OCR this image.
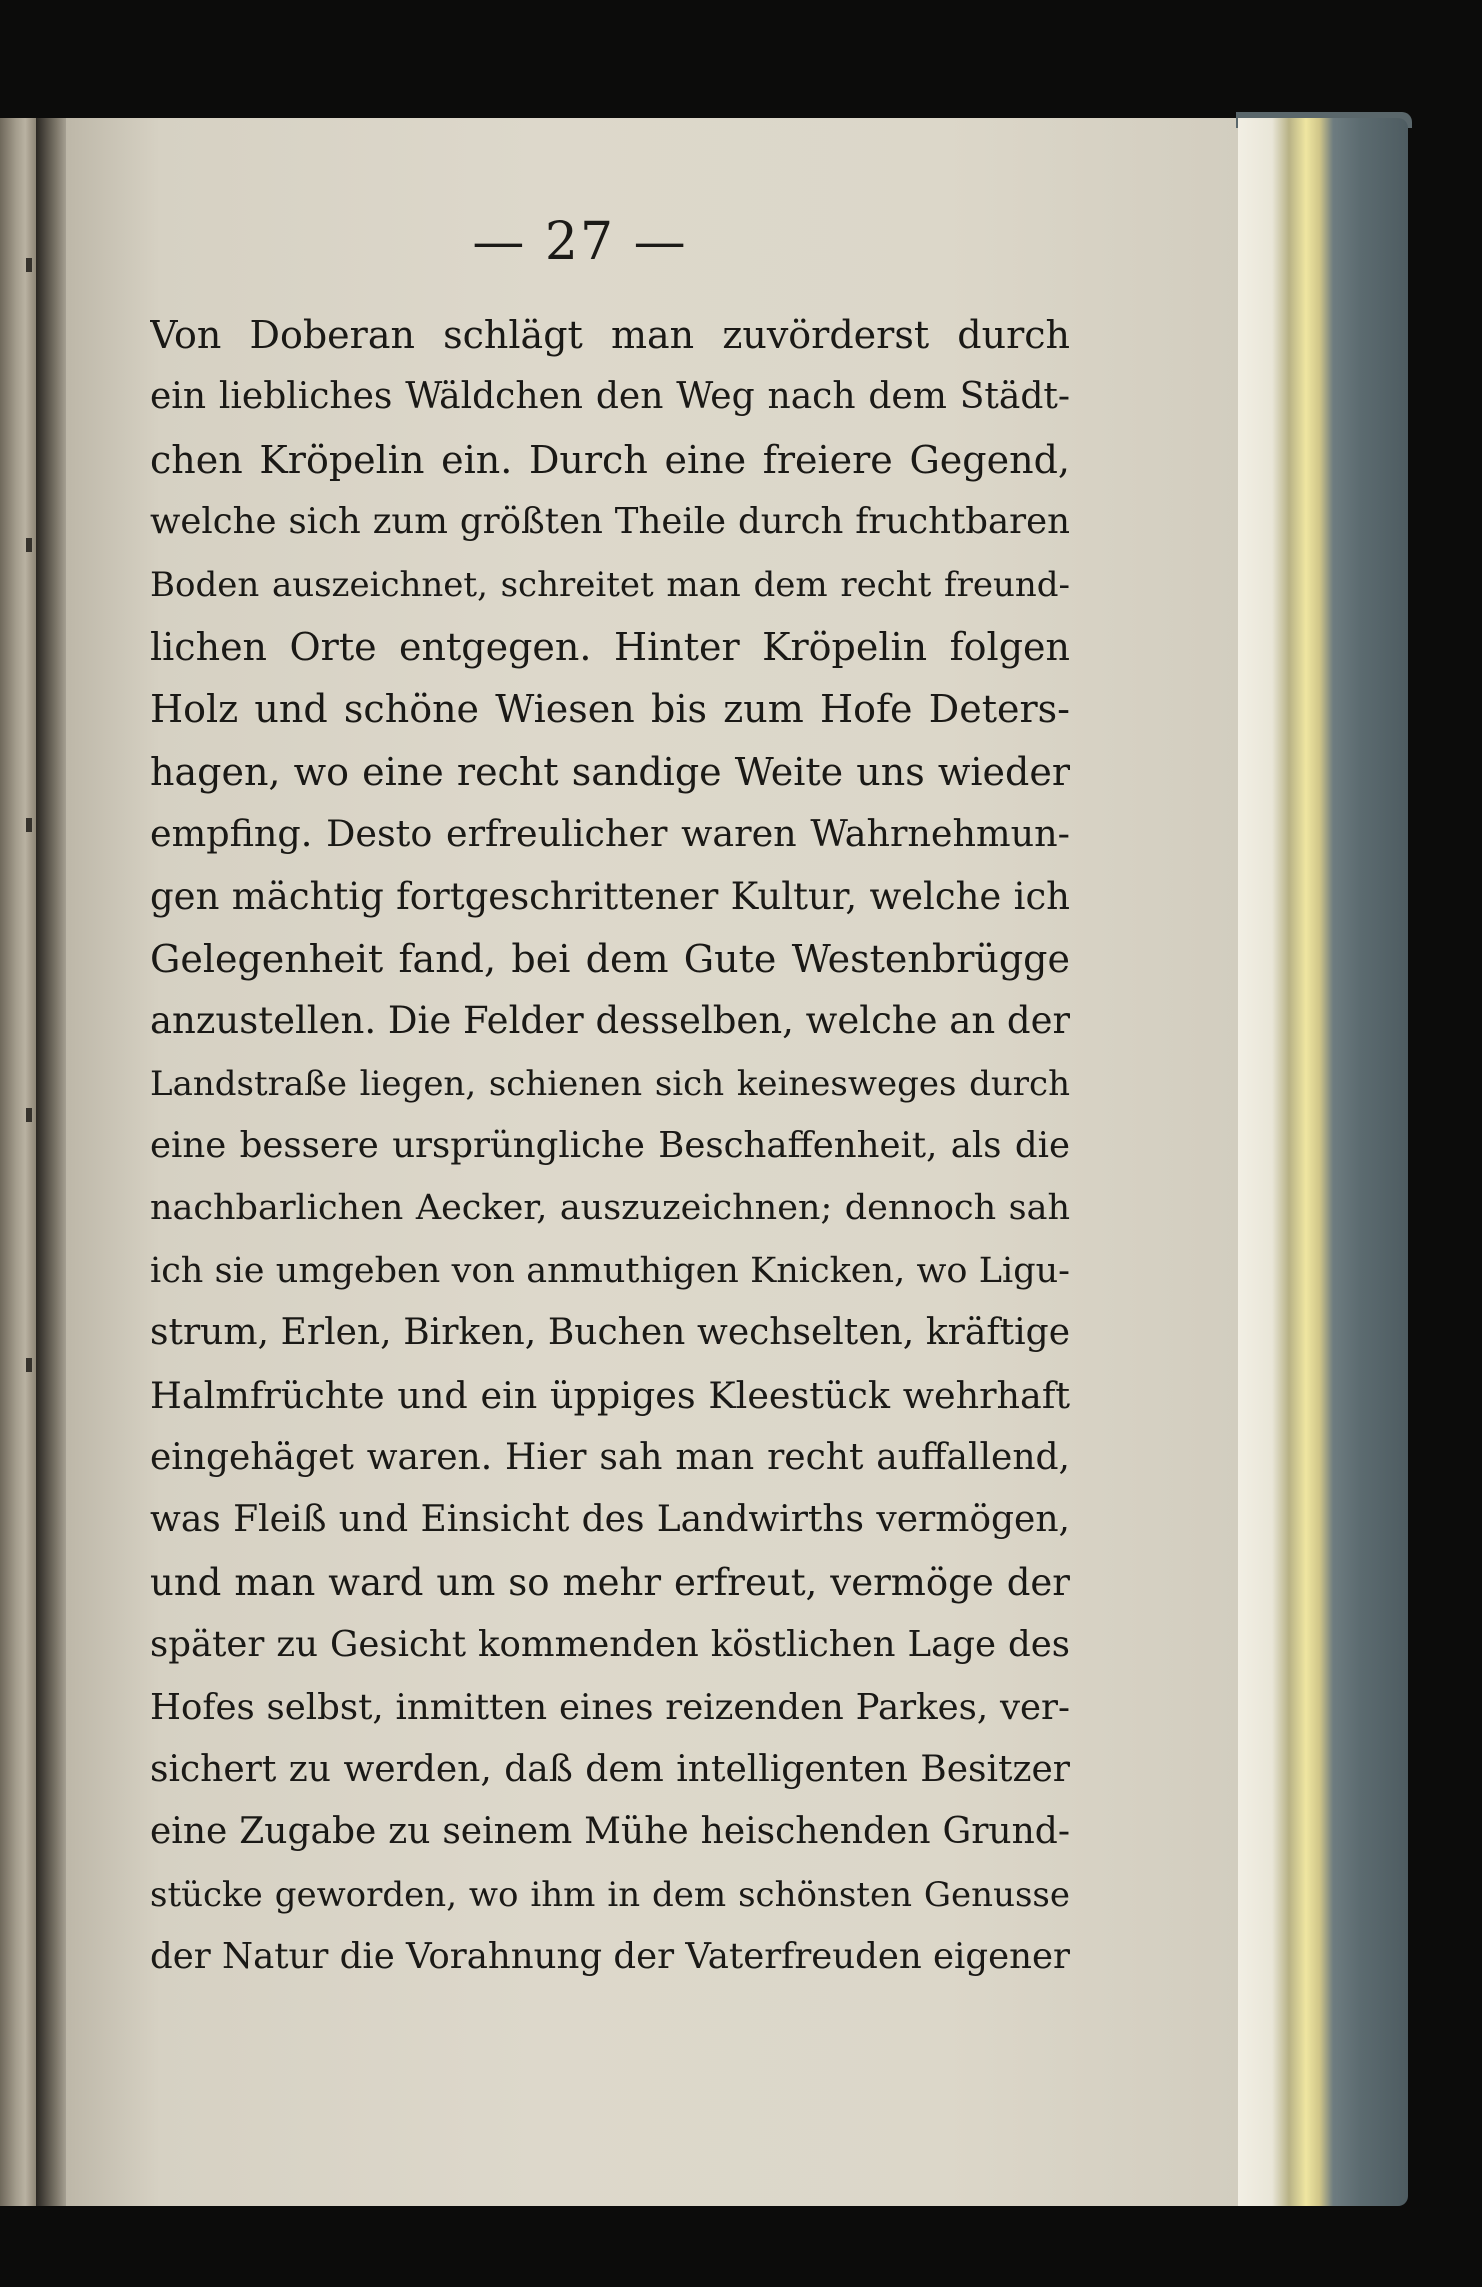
— 27 —
Von Doberan schlägt man zuvörderst durch
ein liebliches Wäldchen den Weg nach dem Städt-
chen Kröpelin ein. Durch eine freiere Gegend,
welche sich zum größten Theile durch fruchtbaren
Boden auszeichnet, schreitet man dem recht freund-
lichen Orte entgegen. Hinter Kröpelin folgen
Holz und schöne Wiesen bis zum Hofe Deters-
hagen, wo eine recht sandige Weite uns wieder
empfing. Desto erfreulicher waren Wahrnehmun-
gen mächtig fortgeschrittener Kultur, welche ich
Gelegenheit fand, bei dem Gute Westenbrügge
anzustellen. Die Felder desselben, welche an der
Landstraße liegen, schienen sich keinesweges durch
eine bessere ursprüngliche Beschaffenheit, als die
nachbarlichen Aecker, auszuzeichnen; dennoch sah
ich sie umgeben von anmuthigen Knicken, wo Ligu-
strum, Erlen, Birken, Buchen wechselten, kräftige
Halmfrüchte und ein üppiges Kleestück wehrhaft
eingehäget waren. Hier sah man recht auffallend,
was Fleiß und Einsicht des Landwirths vermögen,
und man ward um so mehr erfreut, vermöge der
später zu Gesicht kommenden köstlichen Lage des
Hofes selbst, inmitten eines reizenden Parkes, ver-
sichert zu werden, daß dem intelligenten Besitzer
eine Zugabe zu seinem Mühe heischenden Grund-
stücke geworden, wo ihm in dem schönsten Genusse
der Natur die Vorahnung der Vaterfreuden eigener
